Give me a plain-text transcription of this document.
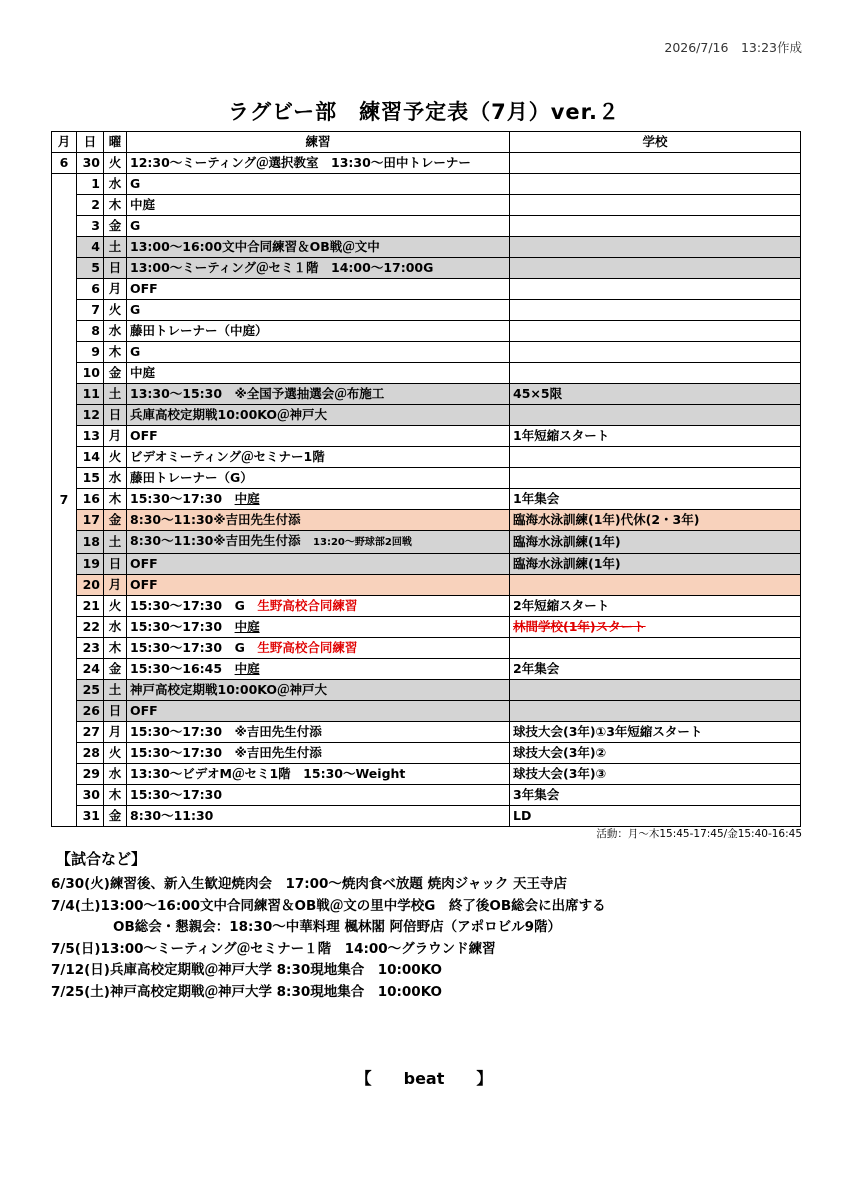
2026/7/16　13:23作成
ラグビー部　練習予定表（7月）ver.２
月	日	曜	練習	学校
6	30	火	12:30～ミーティング＠選択教室　13:30～田中トレーナー	
7	1	水	G	
	2	木	中庭	
	3	金	G	
	4	土	13:00～16:00文中合同練習＆OB戦＠文中	
	5	日	13:00～ミーティング＠セミ１階　14:00～17:00G	
	6	月	OFF	
	7	火	G	
	8	水	藤田トレーナー（中庭）	
	9	木	G	
	10	金	中庭	
	11	土	13:30～15:30　※全国予選抽選会＠布施工	45×5限
	12	日	兵庫高校定期戦10:00KO＠神戸大	
	13	月	OFF	1年短縮スタート
	14	火	ビデオミーティング＠セミナー1階	
	15	水	藤田トレーナー（G）	
	16	木	15:30～17:30　中庭	1年集会
	17	金	8:30～11:30※吉田先生付添	臨海水泳訓練(1年)代休(2・3年)
	18	土	8:30～11:30※吉田先生付添　13:20～野球部2回戦	臨海水泳訓練(1年)
	19	日	OFF	臨海水泳訓練(1年)
	20	月	OFF	
	21	火	15:30～17:30　G　生野高校合同練習	2年短縮スタート
	22	水	15:30～17:30　中庭	林間学校(1年)スタート
	23	木	15:30～17:30　G　生野高校合同練習	
	24	金	15:30～16:45　中庭	2年集会
	25	土	神戸高校定期戦10:00KO＠神戸大	
	26	日	OFF	
	27	月	15:30～17:30　※吉田先生付添	球技大会(3年)①3年短縮スタート
	28	火	15:30～17:30　※吉田先生付添	球技大会(3年)②
	29	水	13:30～ビデオM＠セミ1階　15:30～Weight	球技大会(3年)③
	30	木	15:30～17:30	3年集会
	31	金	8:30～11:30	LD
活動：月～木15:45-17:45/金15:40-16:45
【試合など】
6/30(火)練習後、新入生歓迎焼肉会　17:00～焼肉食べ放題 焼肉ジャック 天王寺店
7/4(土)13:00～16:00文中合同練習＆OB戦＠文の里中学校G　終了後OB総会に出席する
OB総会・懇親会：18:30～中華料理 楓林閣 阿倍野店（アポロビル9階）
7/5(日)13:00～ミーティング＠セミナー１階　14:00～グラウンド練習
7/12(日)兵庫高校定期戦＠神戸大学 8:30現地集合　10:00KO
7/25(土)神戸高校定期戦＠神戸大学 8:30現地集合　10:00KO
【　　beat　　】
